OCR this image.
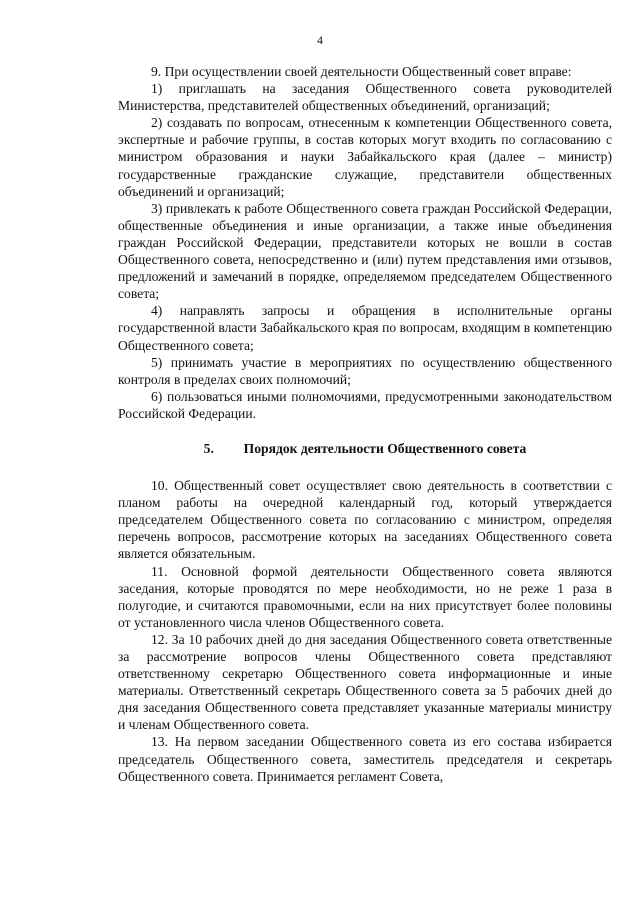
4

9. При осуществлении своей деятельности Общественный совет вправе:

1) приглашать на заседания Общественного совета руководителей Министерства, представителей общественных объединений, организаций;

2) создавать по вопросам, отнесенным к компетенции Общественного совета, экспертные и рабочие группы, в состав которых могут входить по согласованию с министром образования и науки Забайкальского края (далее – министр) государственные гражданские служащие, представители общественных объединений и организаций;

3) привлекать к работе Общественного совета граждан Российской Федерации, общественные объединения и иные организации, а также иные объединения граждан Российской Федерации, представители которых не вошли в состав Общественного совета, непосредственно и (или) путем представления ими отзывов, предложений и замечаний в порядке, определяемом председателем Общественного совета;

4) направлять запросы и обращения в исполнительные органы государственной власти Забайкальского края по вопросам, входящим в компетенцию Общественного совета;

5) принимать участие в мероприятиях по осуществлению общественного контроля в пределах своих полномочий;

6) пользоваться иными полномочиями, предусмотренными законодательством Российской Федерации.

5. Порядок деятельности Общественного совета

10. Общественный совет осуществляет свою деятельность в соответствии с планом работы на очередной календарный год, который утверждается председателем Общественного совета по согласованию с министром, определяя перечень вопросов, рассмотрение которых на заседаниях Общественного совета является обязательным.

11. Основной формой деятельности Общественного совета являются заседания, которые проводятся по мере необходимости, но не реже 1 раза в полугодие, и считаются правомочными, если на них присутствует более половины от установленного числа членов Общественного совета.

12. За 10 рабочих дней до дня заседания Общественного совета ответственные за рассмотрение вопросов члены Общественного совета представляют ответственному секретарю Общественного совета информационные и иные материалы. Ответственный секретарь Общественного совета за 5 рабочих дней до дня заседания Общественного совета представляет указанные материалы министру и членам Общественного совета.

13. На первом заседании Общественного совета из его состава избирается председатель Общественного совета, заместитель председателя и секретарь Общественного совета. Принимается регламент Совета,
